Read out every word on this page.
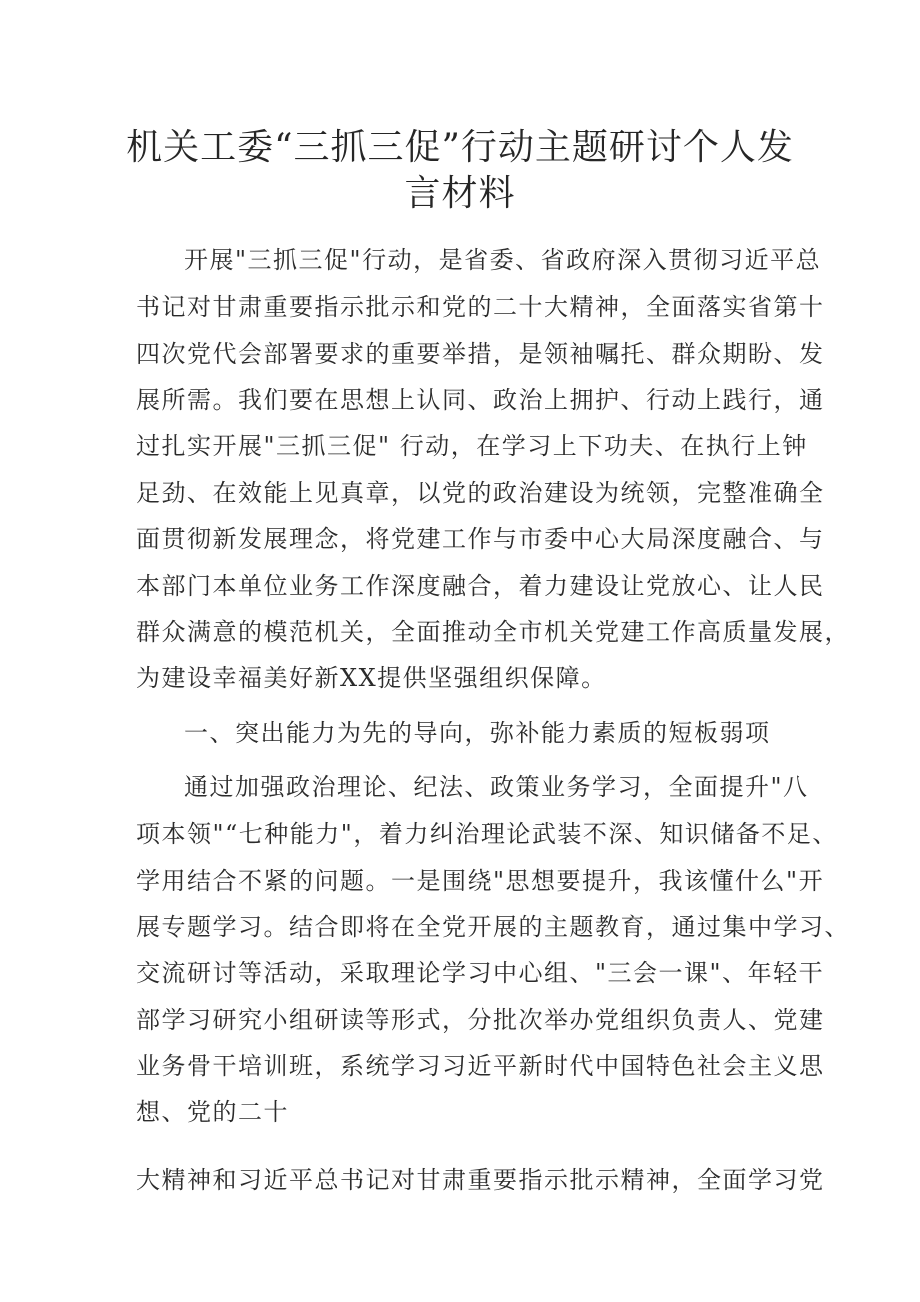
机关工委“三抓三促”行动主题研讨个人发
言材料
开展"三抓三促"行动，是省委、省政府深入贯彻习近平总
书记对甘肃重要指示批示和党的二十大精神，全面落实省第十
四次党代会部署要求的重要举措，是领袖嘱托、群众期盼、发
展所需。我们要在思想上认同、政治上拥护、行动上践行，通
过扎实开展"三抓三促" 行动，在学习上下功夫、在执行上钟
足劲、在效能上见真章，以党的政治建设为统领，完整准确全
面贯彻新发展理念，将党建工作与市委中心大局深度融合、与
本部门本单位业务工作深度融合，着力建设让党放心、让人民
群众满意的模范机关，全面推动全市机关党建工作高质量发展，
为建设幸福美好新XX提供坚强组织保障。
一、突出能力为先的导向，弥补能力素质的短板弱项
通过加强政治理论、纪法、政策业务学习，全面提升"八
项本领"“七种能力"，着力纠治理论武装不深、知识储备不足、
学用结合不紧的问题。一是围绕"思想要提升，我该懂什么"开
展专题学习。结合即将在全党开展的主题教育，通过集中学习、
交流研讨等活动，采取理论学习中心组、"三会一课"、年轻干
部学习研究小组研读等形式，分批次举办党组织负责人、党建
业务骨干培训班，系统学习习近平新时代中国特色社会主义思
想、党的二十
大精神和习近平总书记对甘肃重要指示批示精神，全面学习党
